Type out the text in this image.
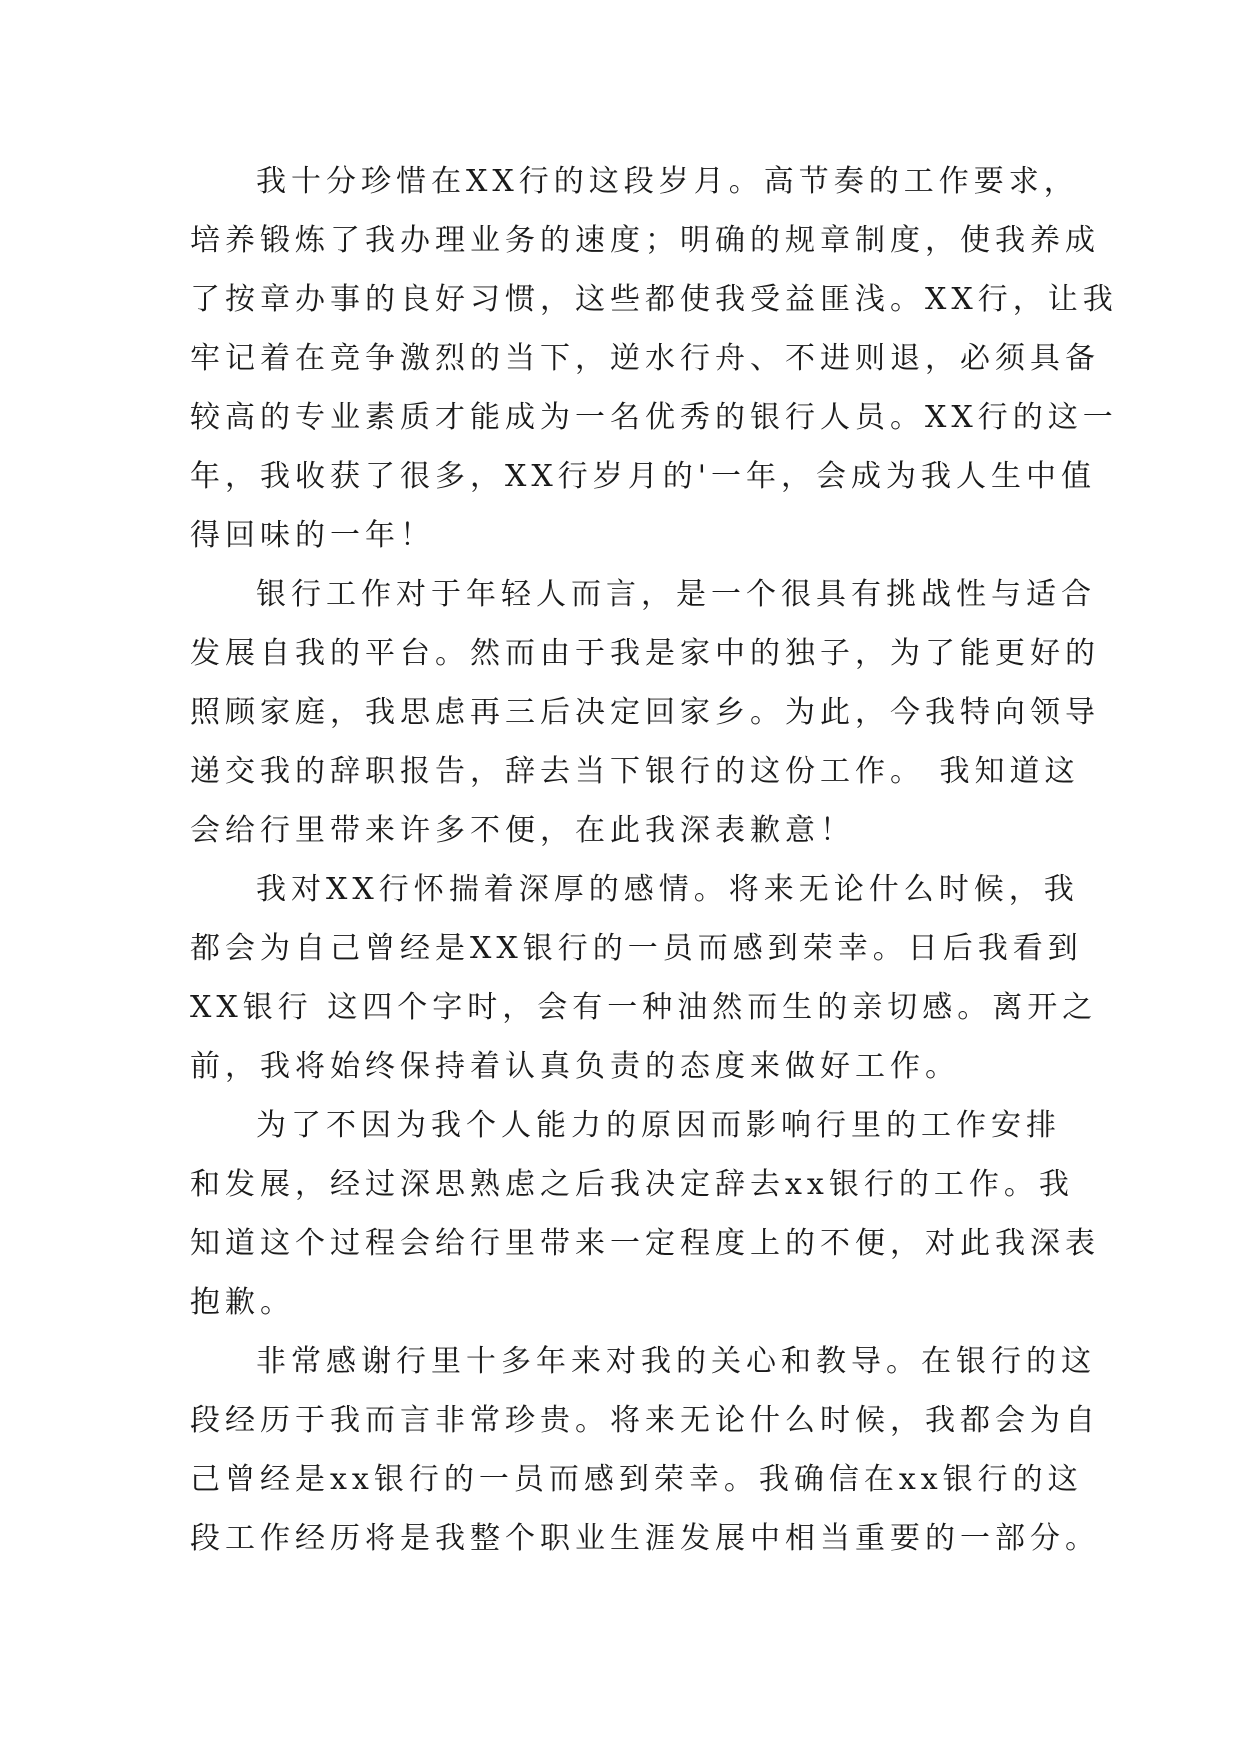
我十分珍惜在XX行的这段岁月。高节奏的工作要求，
培养锻炼了我办理业务的速度；明确的规章制度，使我养成
了按章办事的良好习惯，这些都使我受益匪浅。XX行，让我
牢记着在竞争激烈的当下，逆水行舟、不进则退，必须具备
较高的专业素质才能成为一名优秀的银行人员。XX行的这一
年，我收获了很多，XX行岁月的'一年，会成为我人生中值
得回味的一年！
银行工作对于年轻人而言，是一个很具有挑战性与适合
发展自我的平台。然而由于我是家中的独子，为了能更好的
照顾家庭，我思虑再三后决定回家乡。为此，今我特向领导
递交我的辞职报告，辞去当下银行的这份工作。 我知道这
会给行里带来许多不便，在此我深表歉意！
我对XX行怀揣着深厚的感情。将来无论什么时候，我
都会为自己曾经是XX银行的一员而感到荣幸。日后我看到
XX银行 这四个字时，会有一种油然而生的亲切感。离开之
前，我将始终保持着认真负责的态度来做好工作。
为了不因为我个人能力的原因而影响行里的工作安排
和发展，经过深思熟虑之后我决定辞去xx银行的工作。我
知道这个过程会给行里带来一定程度上的不便，对此我深表
抱歉。
非常感谢行里十多年来对我的关心和教导。在银行的这
段经历于我而言非常珍贵。将来无论什么时候，我都会为自
己曾经是xx银行的一员而感到荣幸。我确信在xx银行的这
段工作经历将是我整个职业生涯发展中相当重要的一部分。
